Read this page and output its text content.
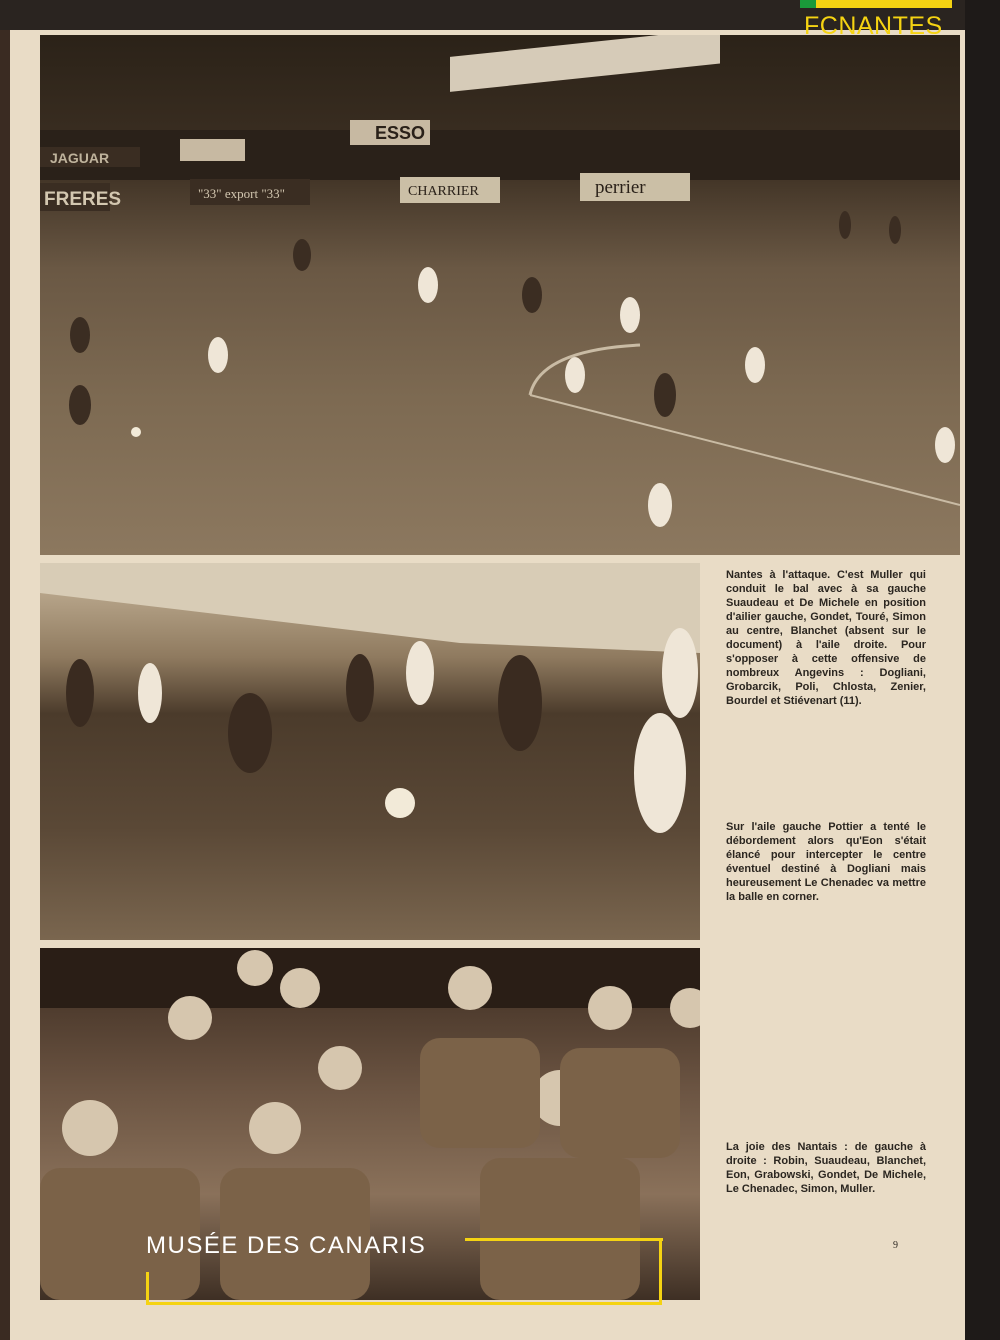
ESSO
JAGUAR
FRERES	"33" export "33"	CHARRIER	perrier

Nantes à l'attaque. C'est Muller qui conduit le bal avec à sa gauche Suaudeau et De Michele en position d'ailier gauche, Gondet, Touré, Simon au centre, Blanchet (absent sur le document) à l'aile droite. Pour s'opposer à cette offensive de nombreux Angevins : Dogliani, Grobarcik, Poli, Chlosta, Zenier, Bourdel et Stiévenart (11).

Sur l'aile gauche Pottier a tenté le débordement alors qu'Eon s'était élancé pour intercepter le centre éventuel destiné à Dogliani mais heureusement Le Chenadec va mettre la balle en corner.

La joie des Nantais : de gauche à droite : Robin, Suaudeau, Blanchet, Eon, Grabowski, Gondet, De Michele, Le Chenadec, Simon, Muller.

9
FCNANTES
MUSÉE DES CANARIS
